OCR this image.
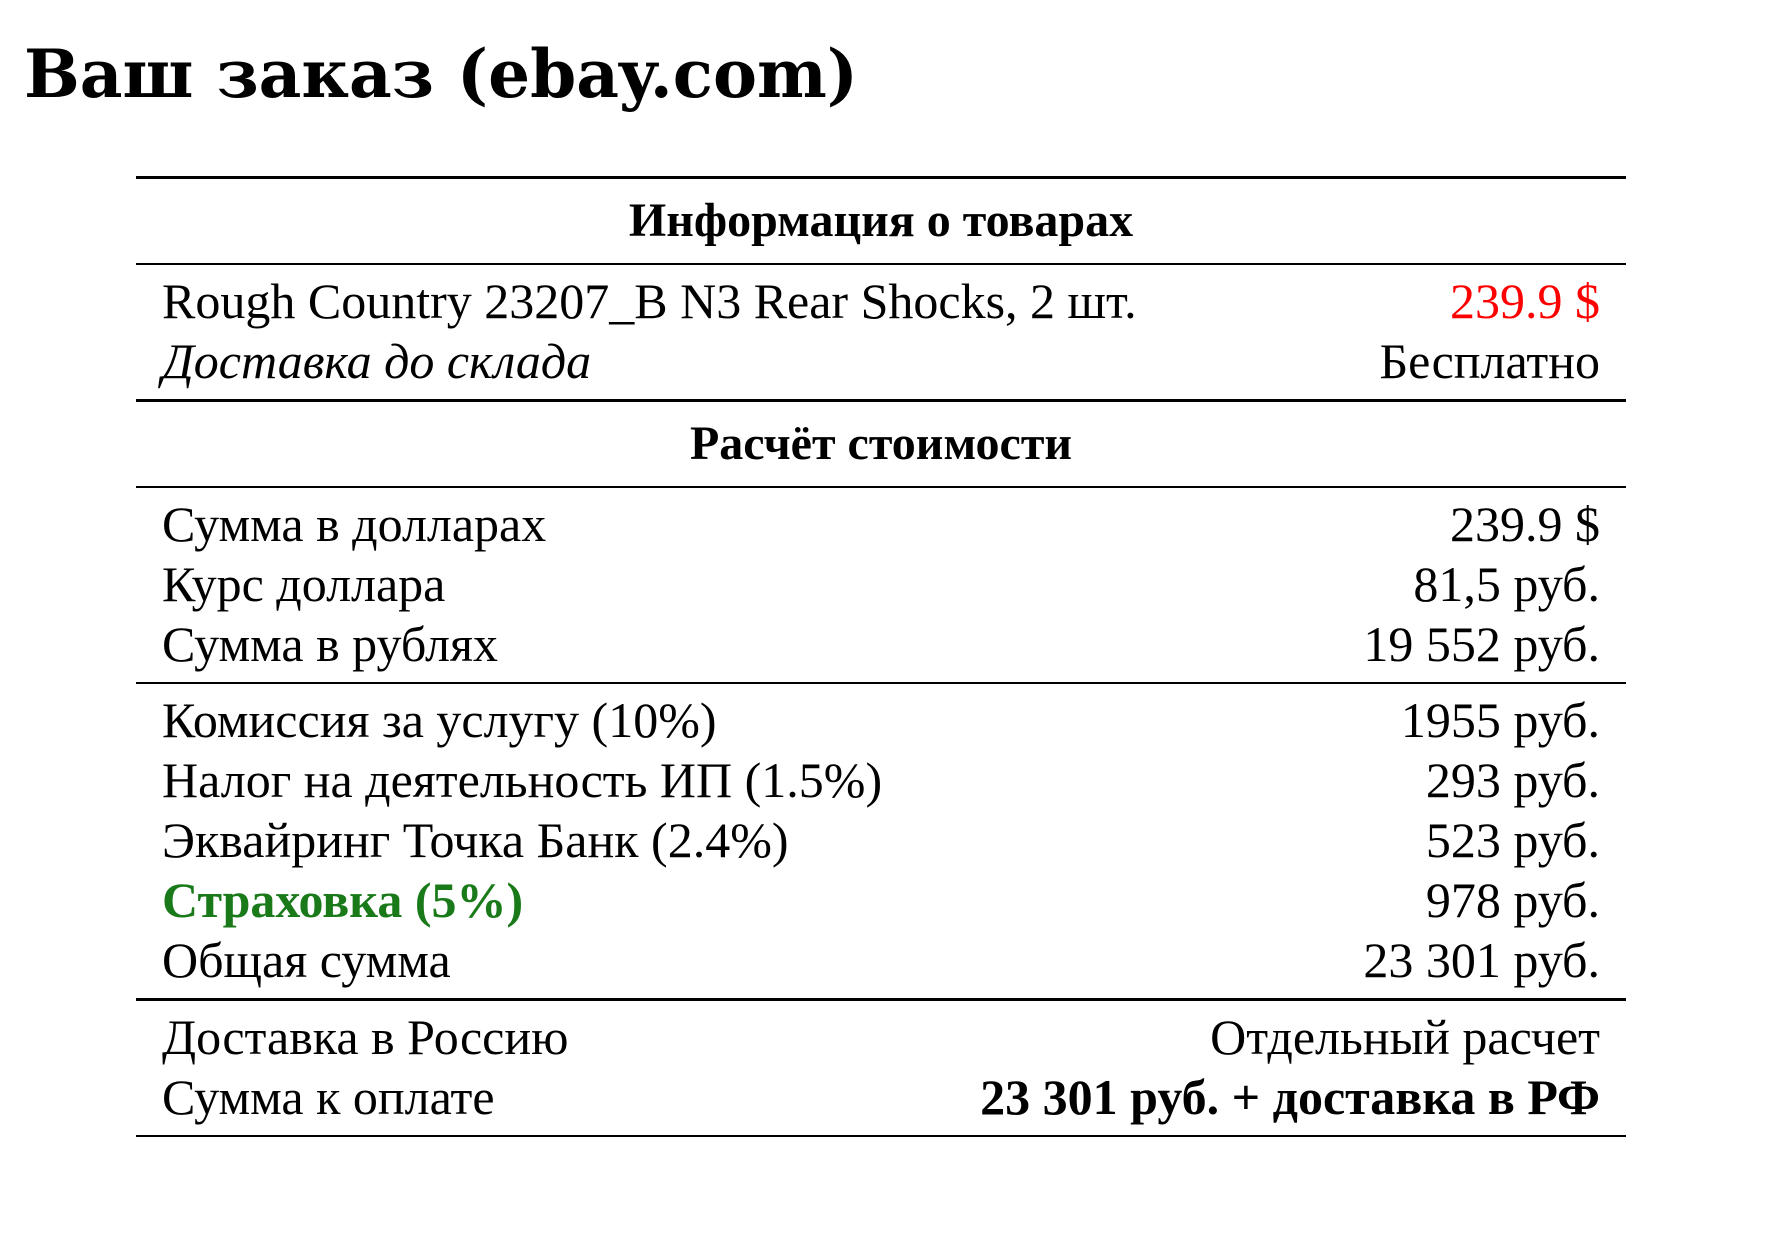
Ваш заказ (ebay.com)
Информация о товарах
Rough Country 23207_B N3 Rear Shocks, 2 шт.	239.9 $
Доставка до склада	Бесплатно
Расчёт стоимости
Сумма в долларах	239.9 $
Курс доллара	81,5 руб.
Сумма в рублях	19 552 руб.
Комиссия за услугу (10%)	1955 руб.
Налог на деятельность ИП (1.5%)	293 руб.
Эквайринг Точка Банк (2.4%)	523 руб.
Страховка (5%)	978 руб.
Общая сумма	23 301 руб.
Доставка в Россию	Отдельный расчет
Сумма к оплате	23 301 руб. + доставка в РФ
